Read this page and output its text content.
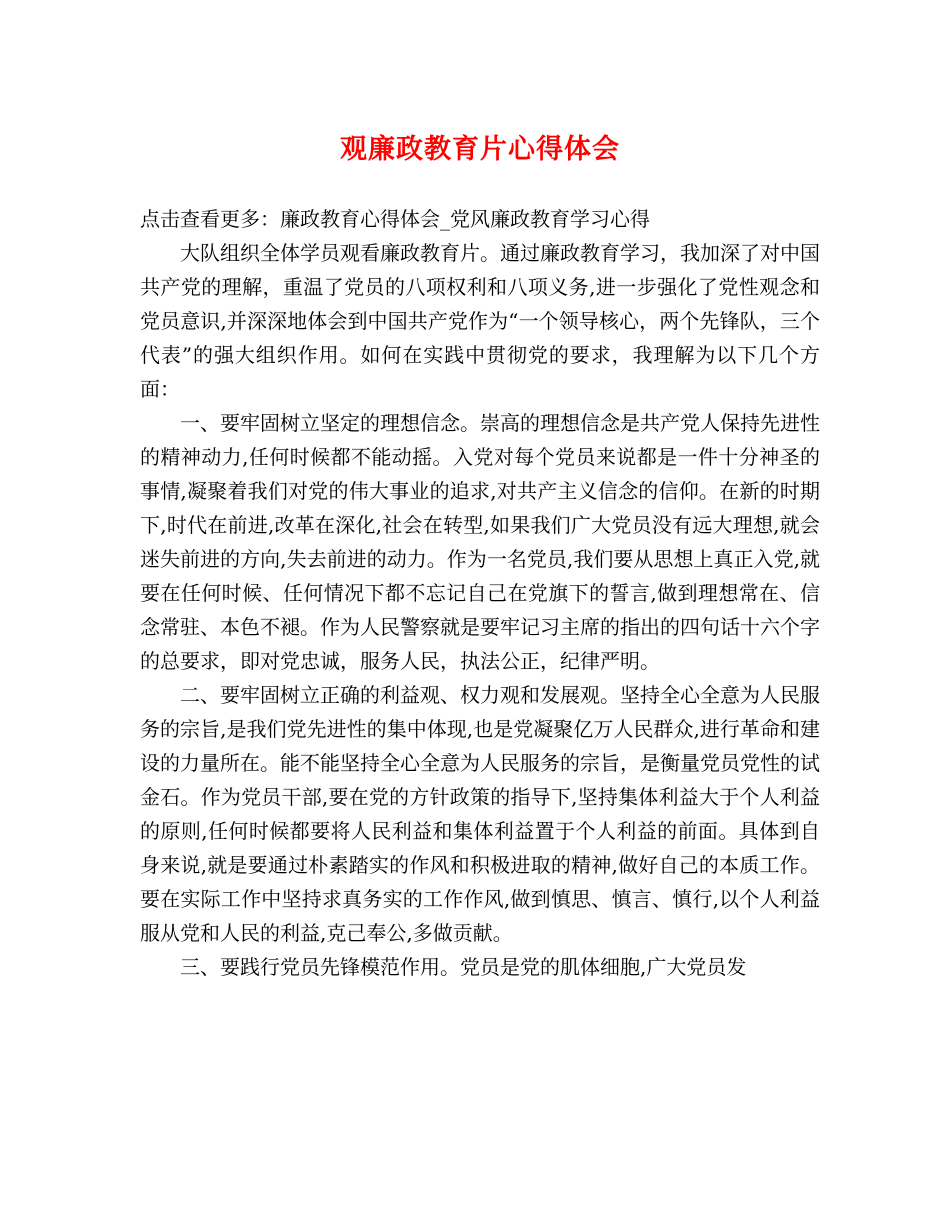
观廉政教育片心得体会
点击查看更多：廉政教育心得体会_党风廉政教育学习心得

大队组织全体学员观看廉政教育片。通过廉政教育学习，我加深了对中国共产党的理解，重温了党员的八项权利和八项义务,进一步强化了党性观念和党员意识,并深深地体会到中国共产党作为“一个领导核心，两个先锋队，三个代表”的强大组织作用。如何在实践中贯彻党的要求，我理解为以下几个方面：

一、要牢固树立坚定的理想信念。崇高的理想信念是共产党人保持先进性的精神动力,任何时候都不能动摇。入党对每个党员来说都是一件十分神圣的事情,凝聚着我们对党的伟大事业的追求,对共产主义信念的信仰。在新的时期下,时代在前进,改革在深化,社会在转型,如果我们广大党员没有远大理想,就会迷失前进的方向,失去前进的动力。作为一名党员,我们要从思想上真正入党,就要在任何时候、任何情况下都不忘记自己在党旗下的誓言,做到理想常在、信念常驻、本色不褪。作为人民警察就是要牢记习主席的指出的四句话十六个字的总要求，即对党忠诚，服务人民，执法公正，纪律严明。

二、要牢固树立正确的利益观、权力观和发展观。坚持全心全意为人民服务的宗旨,是我们党先进性的集中体现,也是党凝聚亿万人民群众,进行革命和建设的力量所在。能不能坚持全心全意为人民服务的宗旨，是衡量党员党性的试金石。作为党员干部,要在党的方针政策的指导下,坚持集体利益大于个人利益的原则,任何时候都要将人民利益和集体利益置于个人利益的前面。具体到自身来说,就是要通过朴素踏实的作风和积极进取的精神,做好自己的本质工作。要在实际工作中坚持求真务实的工作作风,做到慎思、慎言、慎行,以个人利益服从党和人民的利益,克己奉公,多做贡献。

三、要践行党员先锋模范作用。党员是党的肌体细胞,广大党员发
